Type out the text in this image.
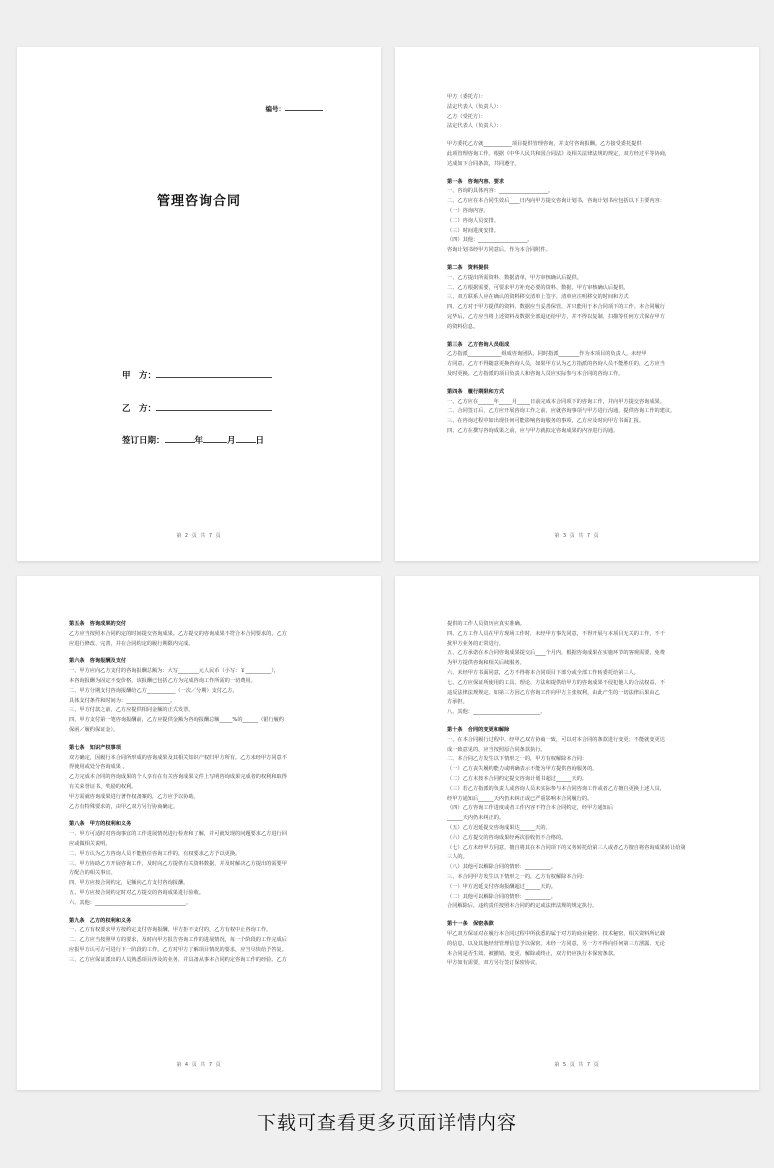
编号：
管理咨询合同
甲　方：
乙　方：
签订日期：	年	月 日
第 2 页 共 7 页
甲方（委托方）：
法定代表人（负责人）：
乙方（受托方）：
法定代表人（负责人）：
甲方委托乙方就___________项目提供管理咨询，并支付咨询报酬。乙方接受委托提供
此项管理咨询工作。根据《中华人民共和国合同法》及相关法律法规的规定，双方经过平等协商，
达成如下合同条款，共同遵守。
第一条　咨询内容、要求
一、咨询的具体内容：___________________。
二、乙方应在本合同生效后____日内向甲方提交咨询计划书，咨询计划书应包括以下主要内容：
（一）咨询内容。
（二）咨询人员安排。
（三）时间进度安排。
（四）其他：___________________。
咨询计划书经甲方同意后，作为本合同附件。
第二条　资料提供
一、乙方提出所需资料、数据清单，甲方审核确认后提供。
二、乙方根据需要，可要求甲方补充必要的资料、数据，甲方审核确认后提供。
三、双方联系人应在确认的资料移交清单上签字，清单应注明移交的时间和方式
四、乙方对于甲方提供的资料、数据应当妥善保管，并只能用于本合同项下的工作。本合同履行
完毕后，乙方应当将上述资料及数据全部退还给甲方，并不得以复制、扫描等任何方式保存甲方
的资料信息。
第三条　乙方咨询人员组成
乙方指派_____________组成咨询团队，同时指派________作为本项目的负责人。未经甲
方同意，乙方不得随意更换咨询人员，如果甲方认为乙方指派的咨询人员不能胜任的，乙方应当
及时更换。乙方指派的项目负责人和咨询人员应实际参与本合同的咨询工作。
第四条　履行期限和方式
一、乙方应在______年_____月_____日前完成本合同项下的咨询工作，并向甲方提交咨询成果。
二、合同签订后，乙方应开展咨询工作之前，应就咨询事项与甲方进行沟通，提供咨询工作的建议。
三、在咨询过程中如出现任何可能影响咨询服务的事项，乙方应及时向甲方书面汇报。
四、乙方在撰写咨询成果之前，应与甲方就拟定咨询成果的内容进行沟通。
第 3 页 共 7 页
第五条　咨询成果的交付
乙方应当按照本合同约定的时间提交咨询成果。乙方提交的咨询成果不符合本合同要求的，乙方
应进行修改、完善，并在合同约定的履行期限内完成。
第六条　咨询报酬及支付
一、甲方应向乙方支付的咨询报酬总额为：大写________元人民币（小写：￥__________），
本咨询报酬为固定不变价格，该报酬已包括乙方为完成咨询工作所需的一切费用。
二、甲方分期支付咨询报酬给乙方___________（一次／分期）支付乙方。
具体支付条件和时间为：_________________。
三、甲方付款之前，乙方应提供相同金额的正式发票。
四、甲方支付第一笔咨询报酬前，乙方应提供金额为咨询报酬总额_____%的______（银行履约
保函／履约保证金）。
第七条　知识产权事项
双方确定，因履行本合同所形成的咨询成果及其相关知识产权归甲方所有。乙方未经甲方同意不
得使用或处分咨询成果 。
乙方完成本合同的咨询成果的个人享有在有关咨询成果文件上写明咨询成果完成者的权利和取得
有关荣誉证书、奖励的权利。
甲方需就咨询成果进行著作权备案的，乙方应予以协助。
乙方有特殊要求的，由甲乙双方另行协商确定。
第八条　甲方的权利和义务
一、甲方可适时对咨询事宜的工作进展情况进行检查和了解，并可就发现的问题要求乙方进行回
应或做相关说明。
二、甲方认为乙方咨询人员不能胜任咨询工作的，有权要求乙方予以更换。
三、甲方协助乙方开展咨询工作，及时向乙方提供有关资料数据，并及时解决乙方提出的需要甲
方配合的相关事宜。
四、甲方应按合同约定，足额向乙方支付咨询报酬。
五、甲方应按合同约定时对乙方提交的咨询成果进行验收。
六、其他：___________________________________。
第九条　乙方的权利和义务
一、乙方有权要求甲方按约定支付咨询报酬，甲方拒不支付的，乙方有权中止咨询工作。
二、乙方应当按照甲方的要求，及时向甲方报告咨询工作的进展情况，每一个阶段的工作完成后
应报甲方认可方可进行下一阶段的工作。乙方对甲方了解项目情况的要求，应当尽快给予答复。
三、乙方应保证派出的人员熟悉项目涉及的业务，并具备从事本合同约定咨询工作的经验。乙方
第 4 页 共 7 页
提供的工作人员资历应真实准确。
四、乙方工作人员在甲方现场工作时，未经甲方事先同意，不得开展与本项目无关的工作，不干
扰甲方业务的正常进行。
五、乙方承诺在本合同咨询成果提交后____个月内，根据咨询成果在实施环节的客观需要，免费
为甲方提供咨询和相关后续服务。
六、未经甲方书面同意，乙方不得将本合同项目下部分或全部工作转委托给第三人。
七、乙方应保证所使用的工具、理论、方法和提供给甲方的咨询成果不侵犯他人的合法权益，不
违反法律法规规定。如第三方因乙方咨询工作向甲方主张权利，由此产生的一切法律后果由乙
方承担。
八、其他：__________________________。
第十条　合同的变更和解除
一、在本合同履行过程中，经甲乙双方协商一致，可以对本合同的条款进行变更；不能就变更达
成一致意见的，应当按照原合同条款执行。
二、本合同乙方发生以下情形之一的，甲方有权解除本合同：
（一）乙方丧失履约能力或明确表示不能为甲方提供咨询服务的。
（二）乙方未按本合同约定提交咨询计划书超过______天的。
（三）若乙方指派的负责人或咨询人员未实际参与本合同咨询工作或者乙方擅自更换上述人员，
经甲方通知后______天内仍未纠正或已严重影响本合同履行的。
（四）乙方咨询工作进度或者工作内容不符合本合同约定，经甲方通知后
______天内仍未纠正的。
（五）乙方迟延提交咨询成果达______天的。
（六）乙方提交的咨询成果经两次验收仍不合格的。
（七）乙方未经甲方同意，擅自将其在本合同项下的义务转托给第三人或者乙方擅自将咨询成果转让给第
三人的。
（八）其他可以解除合同的情形：__________。
三、本合同甲方发生以下情形之一的，乙方有权解除本合同：
（一）甲方迟延支付咨询报酬超过______天的。
（二）其他可以解除合同的情形：__________。
合同解除后，违约责任按照本合同的约定或法律法规的规定执行。
第十一条　保密条款
甲乙双方保证对在履行本合同过程中所获悉的属于对方的商业秘密、技术秘密、相关资料所记载
的信息，以及其他经营管理信息予以保密。未经一方同意，另一方不得向任何第三方泄露、无论
本合同是否生效、被撤销、变更、解除或终止，双方仍应执行本保密条款。
甲方如有需要，双方另行签订保密协议。
第 5 页 共 7 页
下载可查看更多页面详情内容
